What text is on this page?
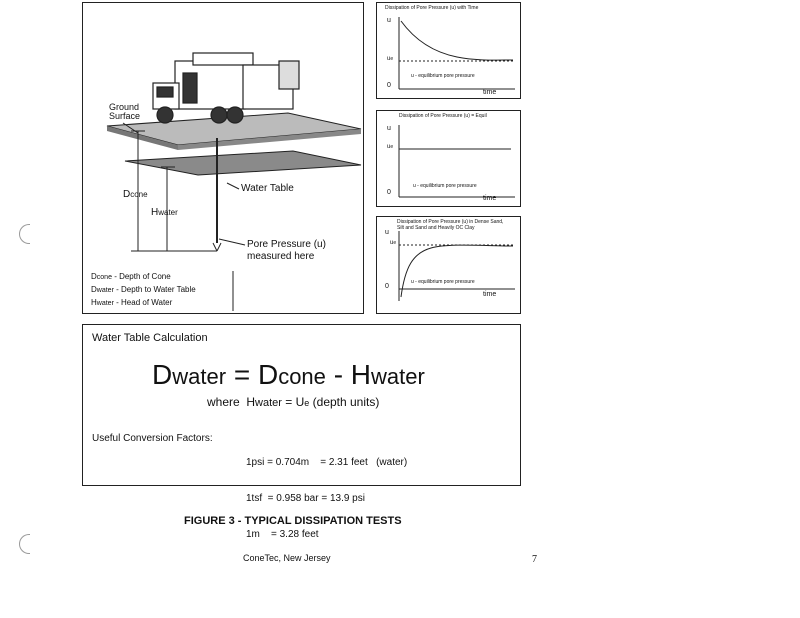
Ground
Surface
Water Table
Dcone
Hwater
Pore Pressure (u)
measured here
Dcone - Depth of Cone
Dwater - Depth to Water Table
Hwater - Head of Water
Dissipation of Pore Pressure (u) with Time
u
ue
0
u - equilibrium pore pressure
time
Dissipation of Pore Pressure (u) = Equil
u
ue
0
u - equilibrium pore pressure
time
Dissipation of Pore Pressure (u) in Dense Sand,
Silt and Sand and Heavily OC Clay
u
ue
0
u - equilibrium pore pressure
time
Water Table Calculation
Dwater = Dcone - Hwater
where Hwater = Ue (depth units)
Useful Conversion Factors:

1psi = 0.704m    = 2.31 feet   (water)

1tsf  = 0.958 bar = 13.9 psi

1m    = 3.28 feet

FIGURE 3 - TYPICAL DISSIPATION TESTS
ConeTec, New Jersey	7
